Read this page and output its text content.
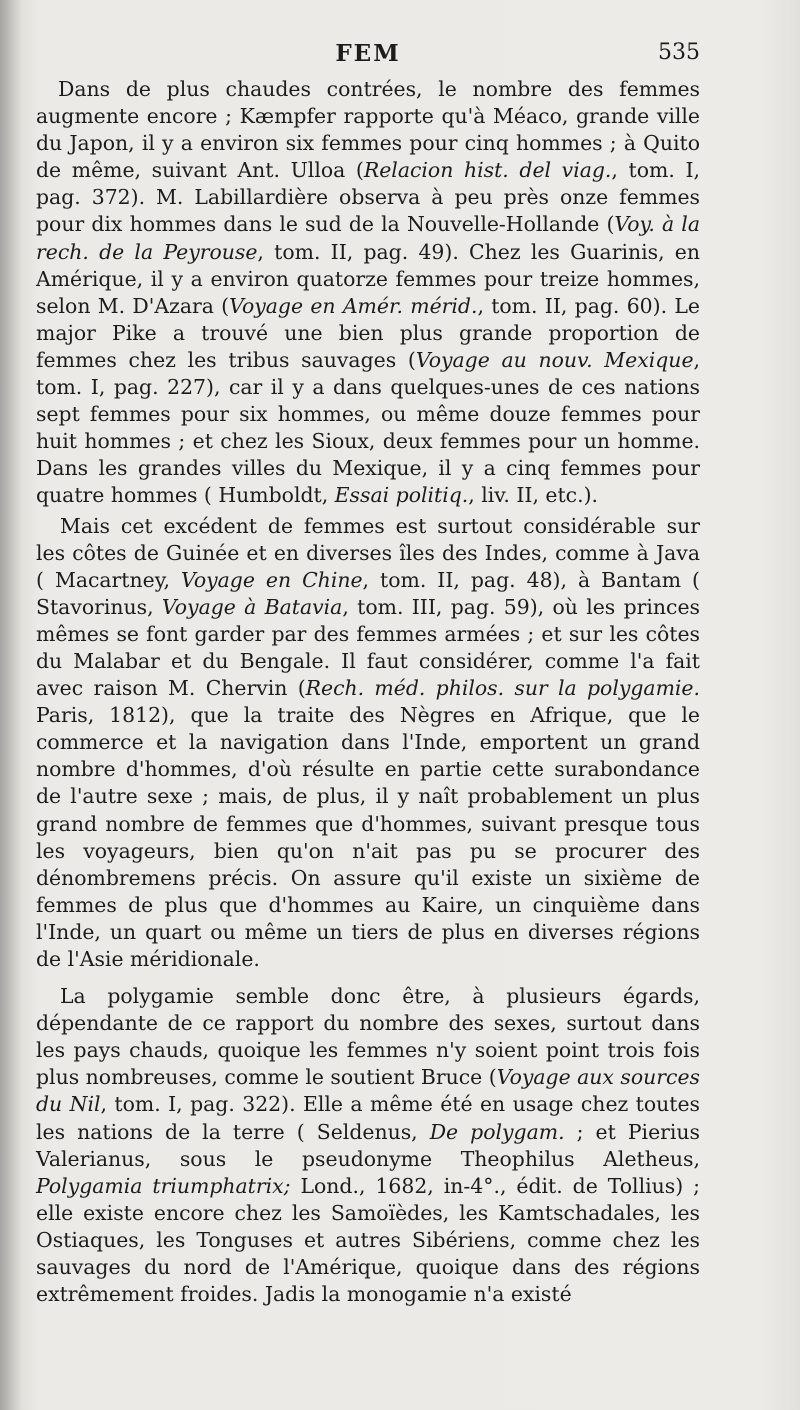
FEM	535

Dans de plus chaudes contrées, le nombre des femmes augmente encore ; Kæmpfer rapporte qu'à Méaco, grande ville du Japon, il y a environ six femmes pour cinq hommes ; à Quito de même, suivant Ant. Ulloa (Relacion hist. del viag., tom. I, pag. 372). M. Labillardière observa à peu près onze femmes pour dix hommes dans le sud de la Nouvelle-Hollande (Voy. à la rech. de la Peyrouse, tom. II, pag. 49). Chez les Guarinis, en Amérique, il y a environ quatorze femmes pour treize hommes, selon M. D'Azara (Voyage en Amér. mérid., tom. II, pag. 60). Le major Pike a trouvé une bien plus grande proportion de femmes chez les tribus sauvages (Voyage au nouv. Mexique, tom. I, pag. 227), car il y a dans quelques-unes de ces nations sept femmes pour six hommes, ou même douze femmes pour huit hommes ; et chez les Sioux, deux femmes pour un homme. Dans les grandes villes du Mexique, il y a cinq femmes pour quatre hommes ( Humboldt, Essai politiq., liv. II, etc.).

Mais cet excédent de femmes est surtout considérable sur les côtes de Guinée et en diverses îles des Indes, comme à Java ( Macartney, Voyage en Chine, tom. II, pag. 48), à Bantam ( Stavorinus, Voyage à Batavia, tom. III, pag. 59), où les princes mêmes se font garder par des femmes armées ; et sur les côtes du Malabar et du Bengale. Il faut considérer, comme l'a fait avec raison M. Chervin (Rech. méd. philos. sur la polygamie. Paris, 1812), que la traite des Nègres en Afrique, que le commerce et la navigation dans l'Inde, emportent un grand nombre d'hommes, d'où résulte en partie cette surabondance de l'autre sexe ; mais, de plus, il y naît probablement un plus grand nombre de femmes que d'hommes, suivant presque tous les voyageurs, bien qu'on n'ait pas pu se procurer des dénombremens précis. On assure qu'il existe un sixième de femmes de plus que d'hommes au Kaire, un cinquième dans l'Inde, un quart ou même un tiers de plus en diverses régions de l'Asie méridionale.

La polygamie semble donc être, à plusieurs égards, dépendante de ce rapport du nombre des sexes, surtout dans les pays chauds, quoique les femmes n'y soient point trois fois plus nombreuses, comme le soutient Bruce (Voyage aux sources du Nil, tom. I, pag. 322). Elle a même été en usage chez toutes les nations de la terre ( Seldenus, De polygam. ; et Pierius Valerianus, sous le pseudonyme Theophilus Aletheus, Polygamia triumphatrix; Lond., 1682, in-4°., édit. de Tollius) ; elle existe encore chez les Samoïèdes, les Kamtschadales, les Ostiaques, les Tonguses et autres Sibériens, comme chez les sauvages du nord de l'Amérique, quoique dans des régions extrêmement froides. Jadis la monogamie n'a existé
